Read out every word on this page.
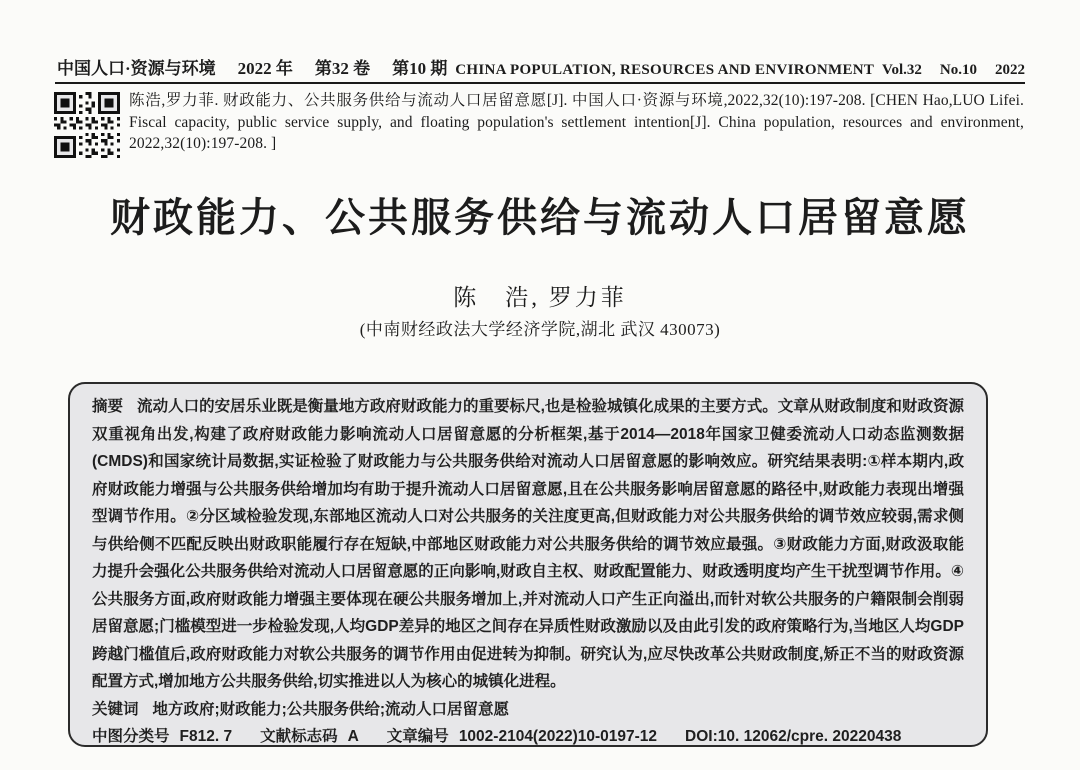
中国人口·资源与环境 2022 年 第32 卷 第10 期 CHINA POPULATION, RESOURCES AND ENVIRONMENT Vol.32 No.10 2022

陈浩,罗力菲. 财政能力、公共服务供给与流动人口居留意愿[J]. 中国人口·资源与环境,2022,32(10):197-208. [CHEN Hao,LUO Lifei. Fiscal capacity, public service supply, and floating population's settlement intention[J]. China population, resources and environment, 2022,32(10):197-208. ]

财政能力、公共服务供给与流动人口居留意愿
陈　浩, 罗力菲
(中南财经政法大学经济学院,湖北 武汉 430073)

摘要 流动人口的安居乐业既是衡量地方政府财政能力的重要标尺,也是检验城镇化成果的主要方式。文章从财政制度和财政资源双重视角出发,构建了政府财政能力影响流动人口居留意愿的分析框架,基于2014—2018年国家卫健委流动人口动态监测数据(CMDS)和国家统计局数据,实证检验了财政能力与公共服务供给对流动人口居留意愿的影响效应。研究结果表明:①样本期内,政府财政能力增强与公共服务供给增加均有助于提升流动人口居留意愿,且在公共服务影响居留意愿的路径中,财政能力表现出增强型调节作用。②分区域检验发现,东部地区流动人口对公共服务的关注度更高,但财政能力对公共服务供给的调节效应较弱,需求侧与供给侧不匹配反映出财政职能履行存在短缺,中部地区财政能力对公共服务供给的调节效应最强。③财政能力方面,财政汲取能力提升会强化公共服务供给对流动人口居留意愿的正向影响,财政自主权、财政配置能力、财政透明度均产生干扰型调节作用。④公共服务方面,政府财政能力增强主要体现在硬公共服务增加上,并对流动人口产生正向溢出,而针对软公共服务的户籍限制会削弱居留意愿;门槛模型进一步检验发现,人均GDP差异的地区之间存在异质性财政激励以及由此引发的政府策略行为,当地区人均GDP跨越门槛值后,政府财政能力对软公共服务的调节作用由促进转为抑制。研究认为,应尽快改革公共财政制度,矫正不当的财政资源配置方式,增加地方公共服务供给,切实推进以人为核心的城镇化进程。

关键词 地方政府;财政能力;公共服务供给;流动人口居留意愿

中图分类号 F812. 7	文献标志码 A	文章编号 1002-2104(2022)10-0197-12	DOI:10. 12062/cpre. 20220438
